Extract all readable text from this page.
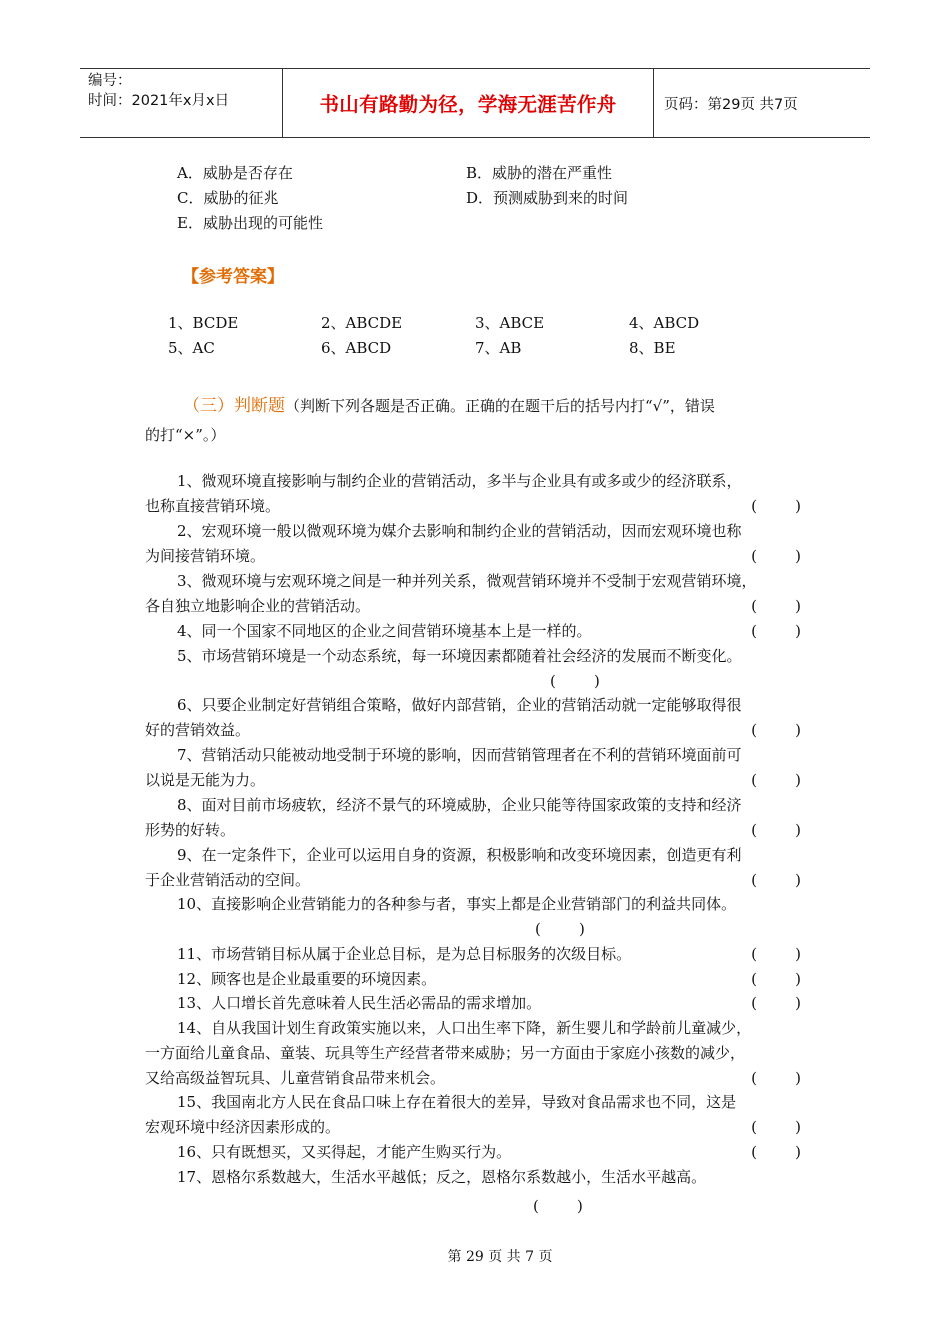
编号：
时间：2021年x月x日	书山有路勤为径，学海无涯苦作舟	页码：第29页 共7页
A．威胁是否存在	B．威胁的潜在严重性
C．威胁的征兆	D．预测威胁到来的时间
E．威胁出现的可能性
【参考答案】
1、BCDE	2、ABCDE	3、ABCE	4、ABCD
5、AC	6、ABCD	7、AB	8、BE
（三）判断题（判断下列各题是否正确。正确的在题干后的括号内打“√”，错误
的打“×”。）
1、微观环境直接影响与制约企业的营销活动，多半与企业具有或多或少的经济联系，
也称直接营销环境。	(        )
2、宏观环境一般以微观环境为媒介去影响和制约企业的营销活动，因而宏观环境也称
为间接营销环境。	(        )
3、微观环境与宏观环境之间是一种并列关系，微观营销环境并不受制于宏观营销环境，
各自独立地影响企业的营销活动。	(        )
4、同一个国家不同地区的企业之间营销环境基本上是一样的。	(        )
5、市场营销环境是一个动态系统，每一环境因素都随着社会经济的发展而不断变化。
(        )
6、只要企业制定好营销组合策略，做好内部营销，企业的营销活动就一定能够取得很
好的营销效益。	(        )
7、营销活动只能被动地受制于环境的影响，因而营销管理者在不利的营销环境面前可
以说是无能为力。	(        )
8、面对目前市场疲软，经济不景气的环境威胁，企业只能等待国家政策的支持和经济
形势的好转。	(        )
9、在一定条件下，企业可以运用自身的资源，积极影响和改变环境因素，创造更有利
于企业营销活动的空间。	(        )
10、直接影响企业营销能力的各种参与者，事实上都是企业营销部门的利益共同体。
(        )
11、市场营销目标从属于企业总目标，是为总目标服务的次级目标。	(        )
12、顾客也是企业最重要的环境因素。	(        )
13、人口增长首先意味着人民生活必需品的需求增加。	(        )
14、自从我国计划生育政策实施以来，人口出生率下降，新生婴儿和学龄前儿童减少，
一方面给儿童食品、童装、玩具等生产经营者带来威胁；另一方面由于家庭小孩数的减少，
又给高级益智玩具、儿童营销食品带来机会。	(        )
15、我国南北方人民在食品口味上存在着很大的差异，导致对食品需求也不同，这是
宏观环境中经济因素形成的。	(        )
16、只有既想买，又买得起，才能产生购买行为。	(        )
17、恩格尔系数越大，生活水平越低；反之，恩格尔系数越小，生活水平越高。
(        )
第 29 页 共 7 页
